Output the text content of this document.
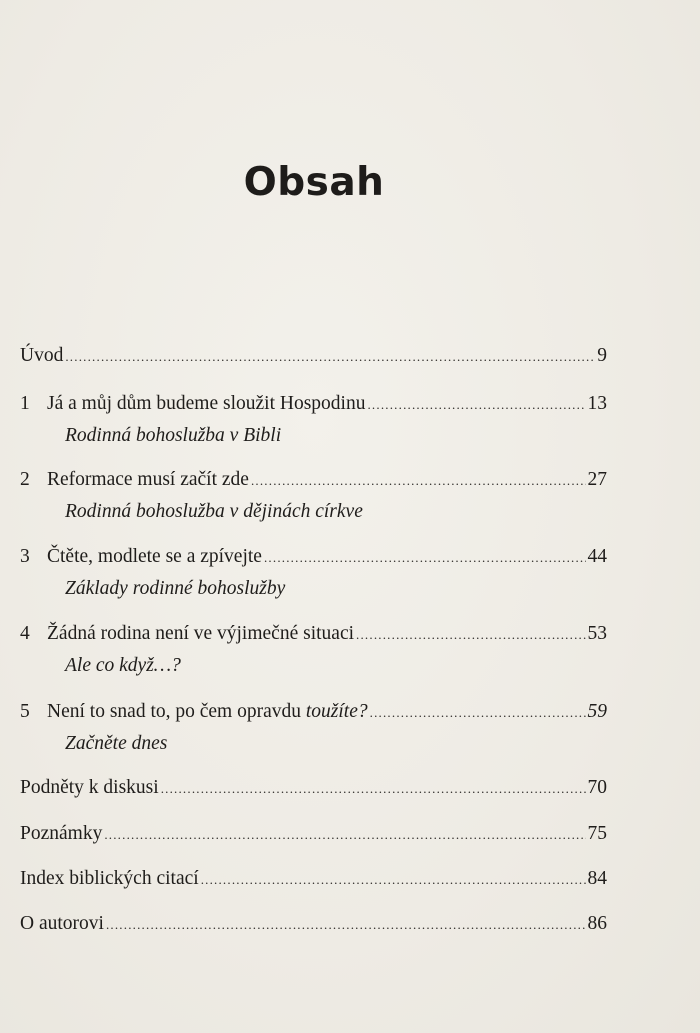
Obsah
Úvod .....	9
1 Já a můj dům budeme sloužit Hospodinu .....	13
Rodinná bohoslužba v Bibli
2 Reformace musí začít zde .....	27
Rodinná bohoslužba v dějinách církve
3 Čtěte, modlete se a zpívejte .....	44
Základy rodinné bohoslužby
4 Žádná rodina není ve výjimečné situaci .....	53
Ale co když…?
5 Není to snad to, po čem opravdu toužíte? .....	59
Začněte dnes
Podněty k diskusi .....	70
Poznámky .....	75
Index biblických citací .....	84
O autorovi .....	86
